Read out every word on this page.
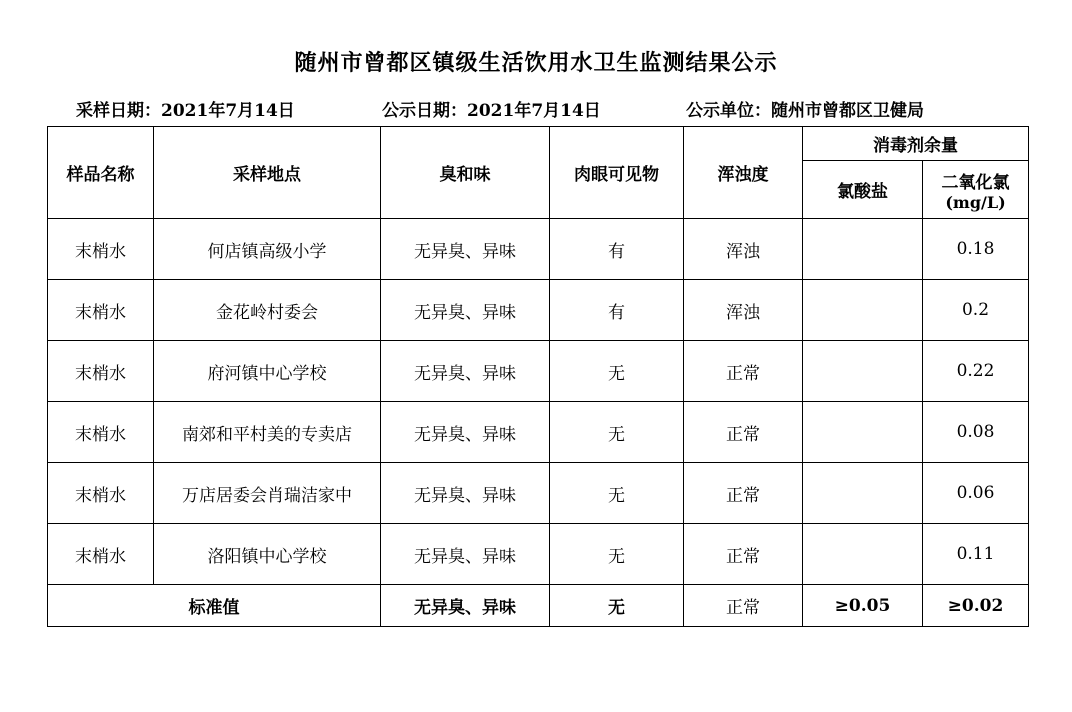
随州市曾都区镇级生活饮用水卫生监测结果公示
采样日期：2021年7月14日	公示日期：2021年7月14日	公示单位：随州市曾都区卫健局
样品名称	采样地点	臭和味	肉眼可见物	浑浊度	消毒剂余量	
					氯酸盐	二氧化氯
(mg/L)

末梢水	何店镇高级小学	无异臭、异味	有	浑浊		0.18
末梢水	金花岭村委会	无异臭、异味	有	浑浊		0.2
末梢水	府河镇中心学校	无异臭、异味	无	正常		0.22
末梢水	南郊和平村美的专卖店	无异臭、异味	无	正常		0.08
末梢水	万店居委会肖瑞洁家中	无异臭、异味	无	正常		0.06
末梢水	洛阳镇中心学校	无异臭、异味	无	正常		0.11
标准值		无异臭、异味	无	正常	≥0.05	≥0.02
